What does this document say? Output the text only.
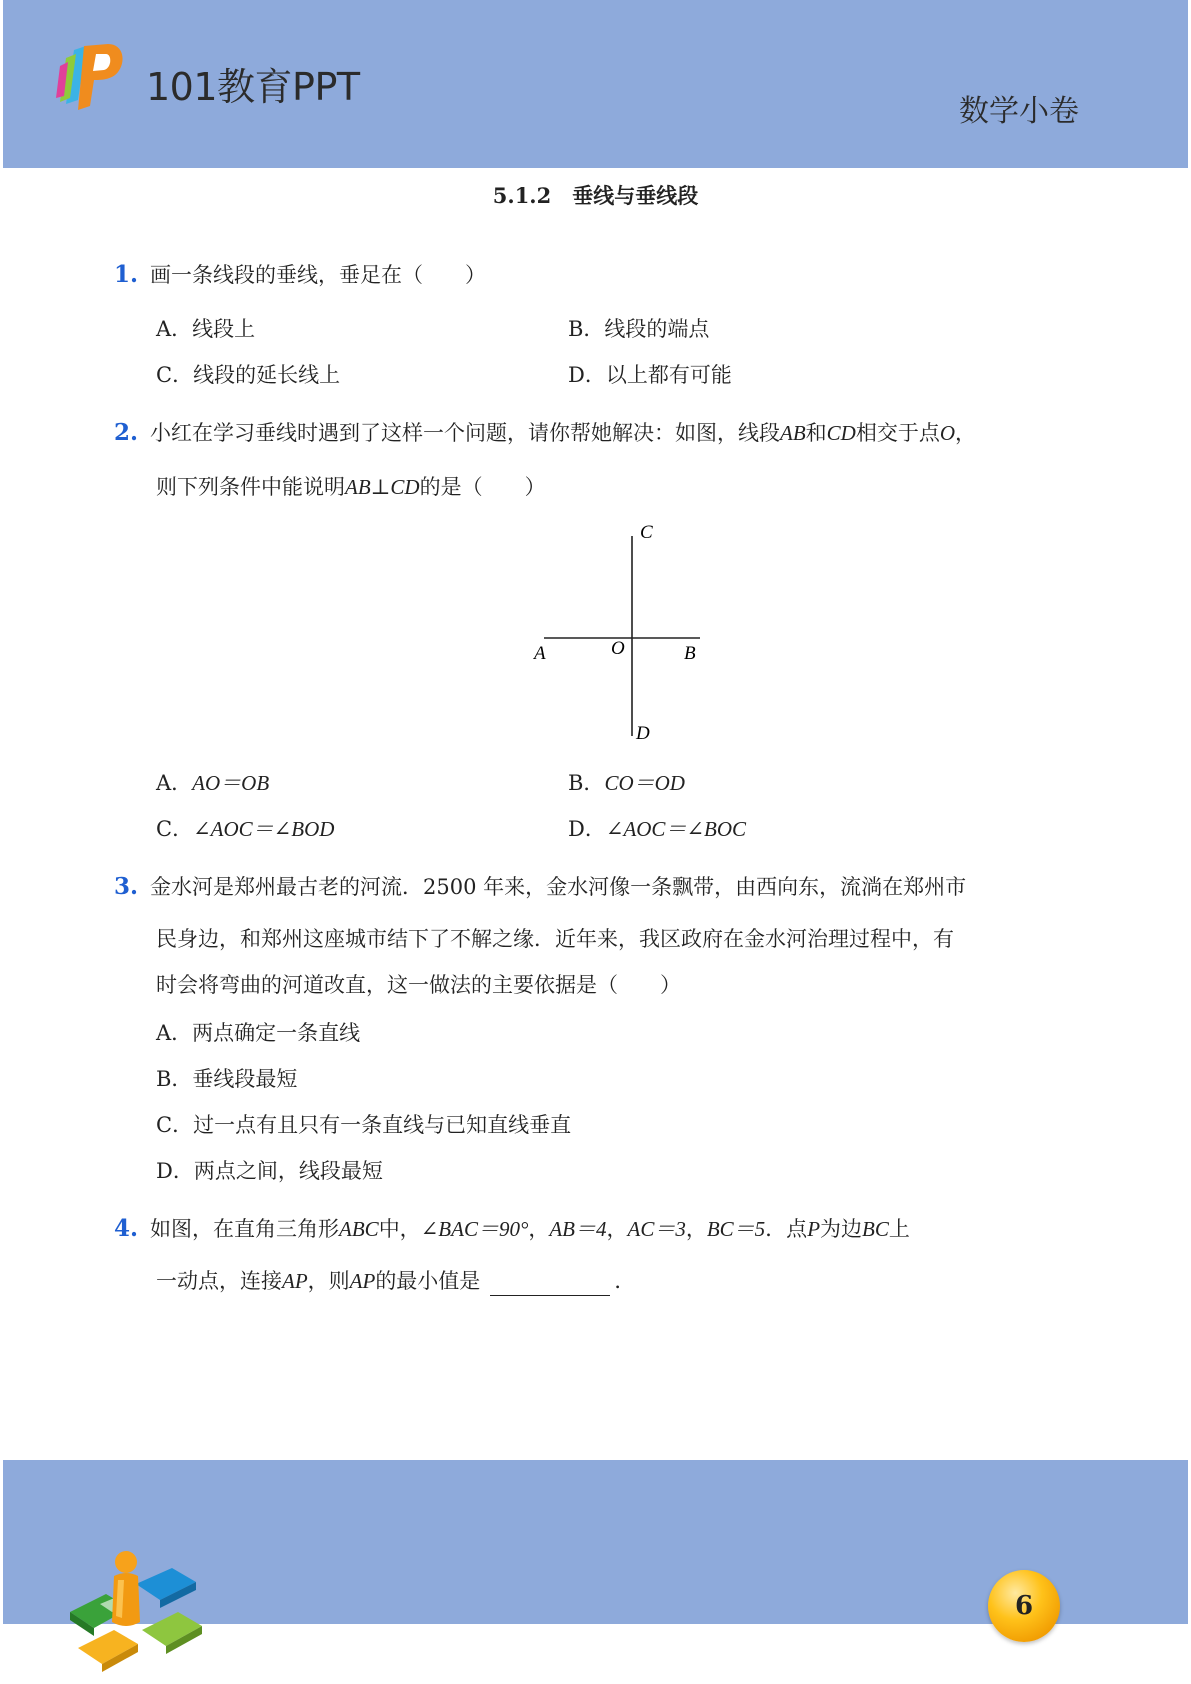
101教育PPT
数学小卷
5.1.2　垂线与垂线段
1. 画一条线段的垂线，垂足在（　　）
A．线段上	B．线段的端点
C．线段的延长线上	D．以上都有可能
2. 小红在学习垂线时遇到了这样一个问题，请你帮她解决：如图，线段AB和CD相交于点O，
则下列条件中能说明AB⊥CD的是（　　）
C
A	O	B
D
A．AO＝OB	B．CO＝OD
C．∠AOC＝∠BOD	D．∠AOC＝∠BOC
3. 金水河是郑州最古老的河流．2500 年来，金水河像一条飘带，由西向东，流淌在郑州市
民身边，和郑州这座城市结下了不解之缘．近年来，我区政府在金水河治理过程中，有
时会将弯曲的河道改直，这一做法的主要依据是（　　）
A．两点确定一条直线
B．垂线段最短
C．过一点有且只有一条直线与已知直线垂直
D．两点之间，线段最短
4. 如图，在直角三角形ABC中，∠BAC＝90°，AB＝4，AC＝3，BC＝5．点P为边BC上
一动点，连接AP，则AP的最小值是	．
6
